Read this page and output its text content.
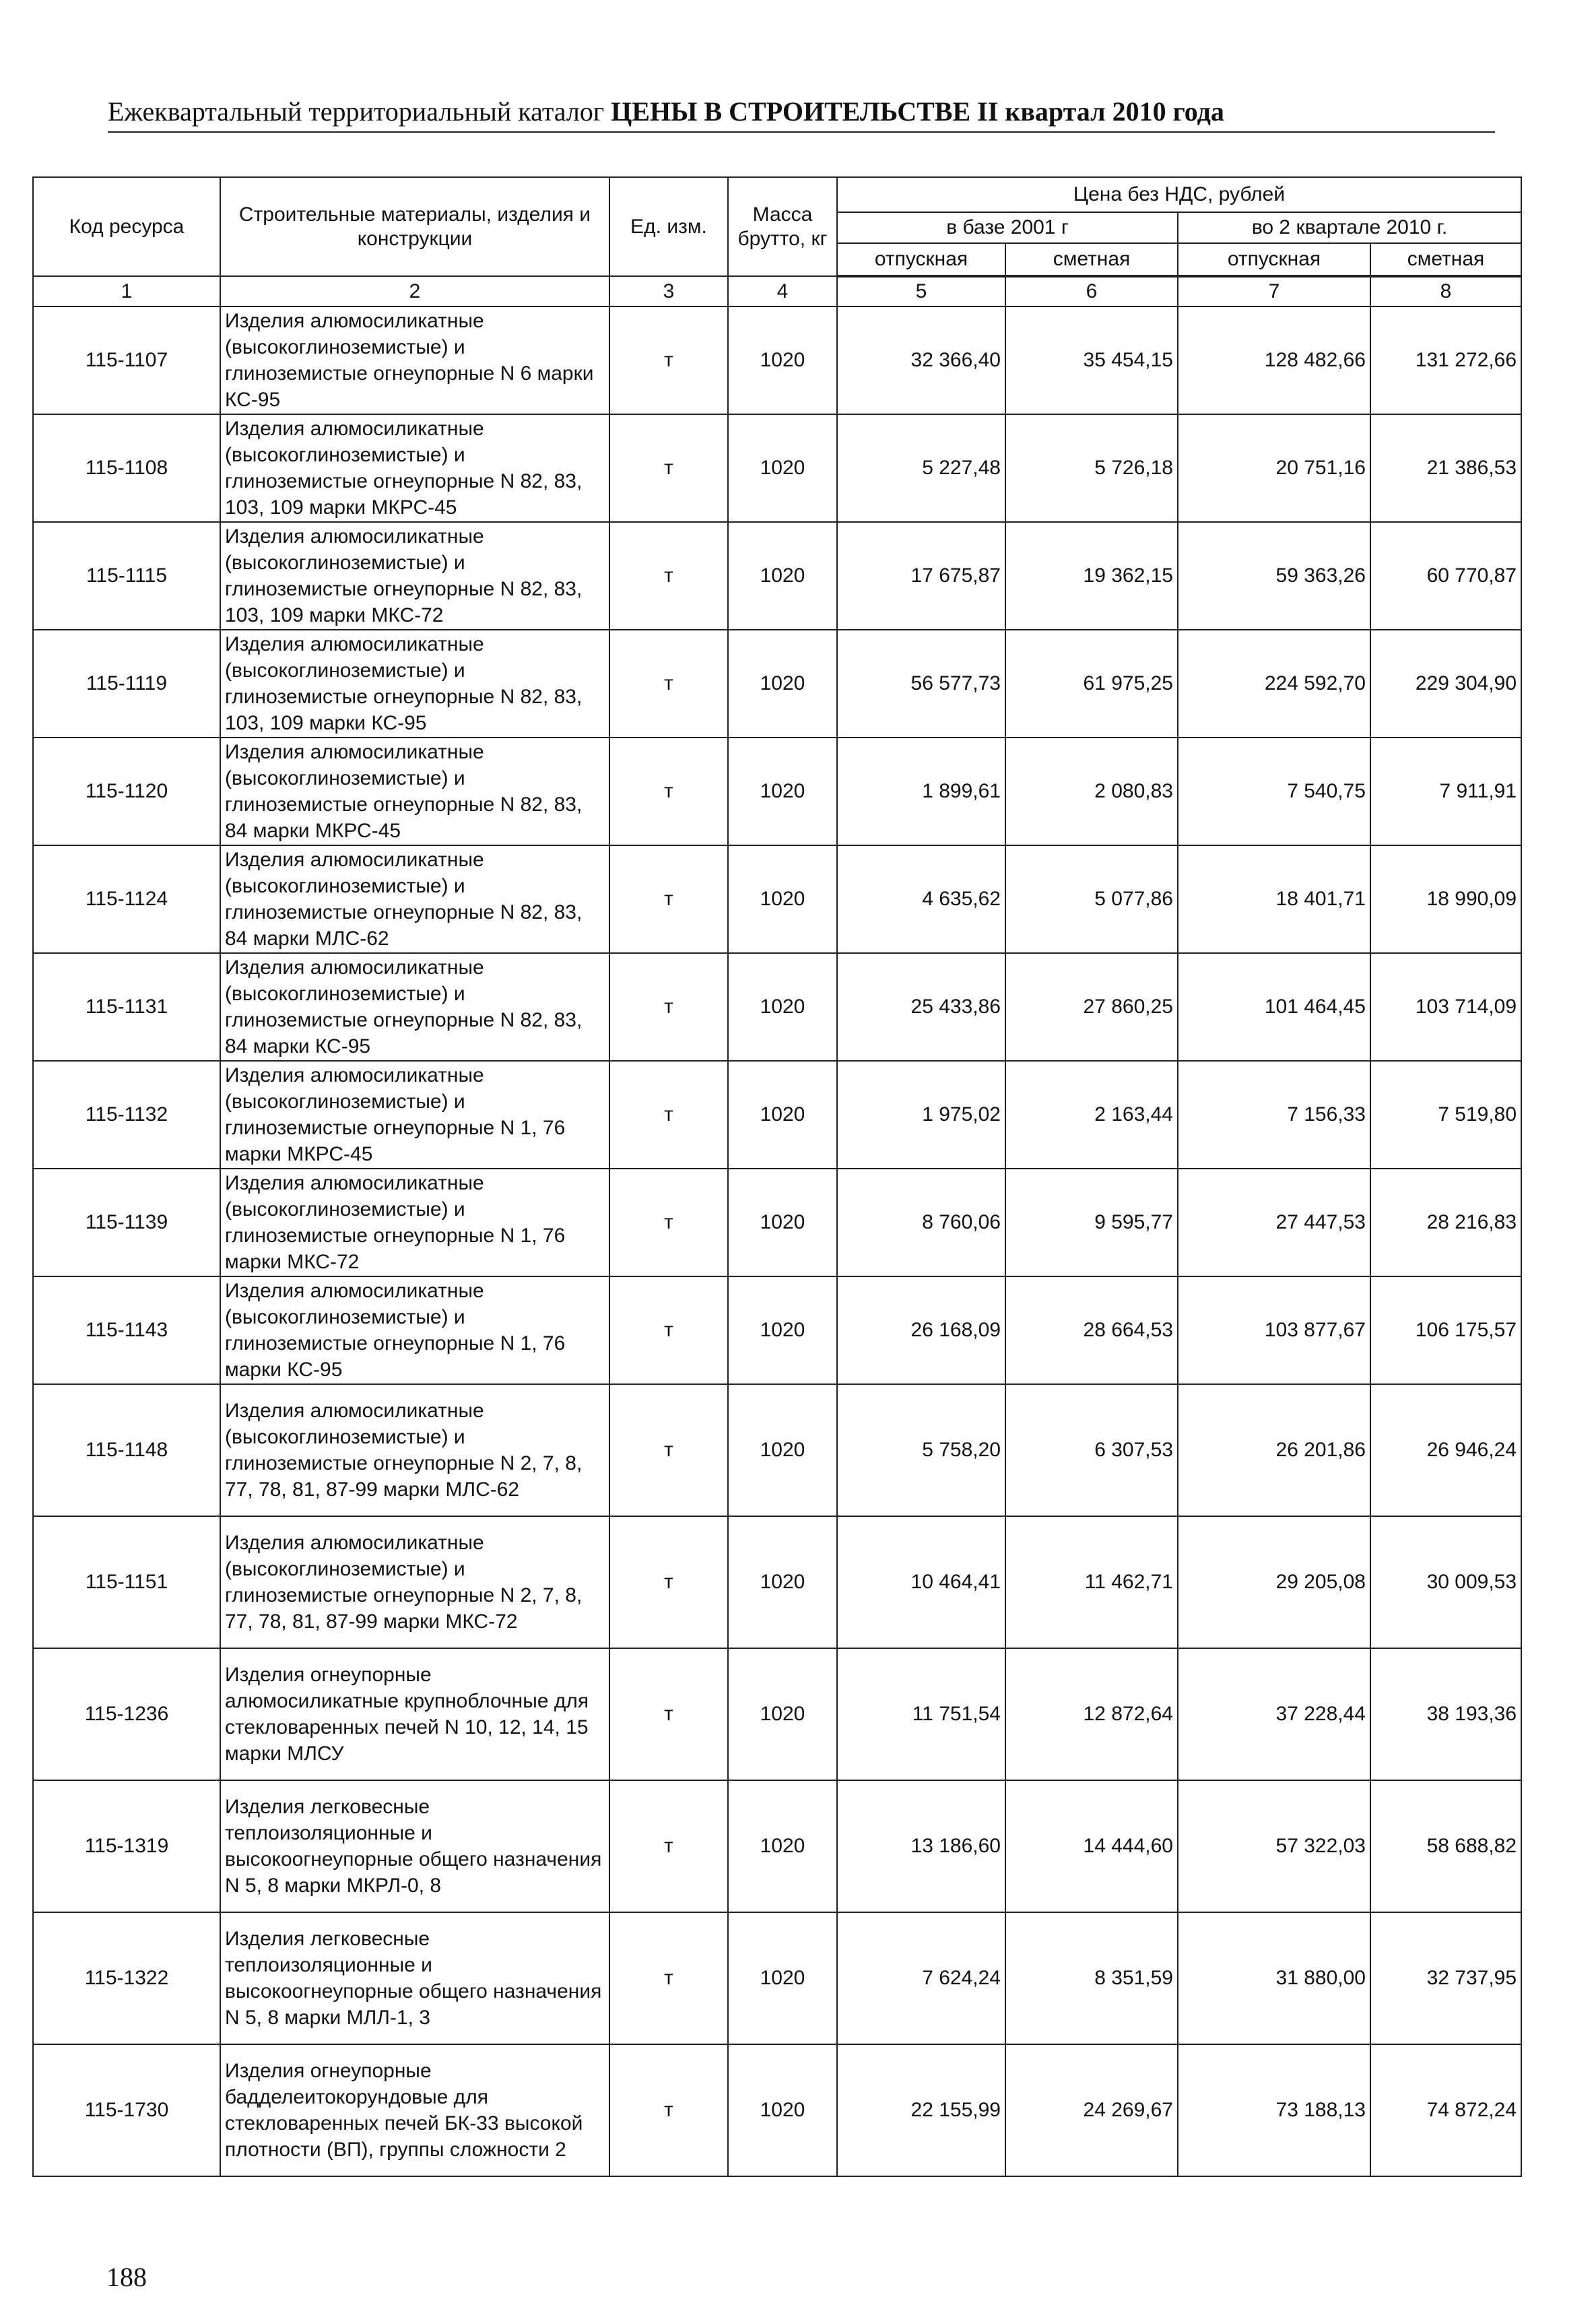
Ежеквартальный территориальный каталог ЦЕНЫ В СТРОИТЕЛЬСТВЕ II квартал 2010 года
Код ресурса	Строительные материалы, изделия и конструкции	Ед. изм.	Масса брутто, кг	Цена без НДС, рублей			
				в базе 2001 г		во 2 квартале 2010 г.	
				отпускная	сметная	отпускная	сметная
1	2	3	4	5	6	7	8
115-1107	Изделия алюмосиликатные (высокоглиноземистые) и глиноземистые огнеупорные N 6 марки КС-95	т	1020	32 366,40	35 454,15	128 482,66	131 272,66
115-1108	Изделия алюмосиликатные (высокоглиноземистые) и глиноземистые огнеупорные N 82, 83, 103, 109 марки МКРС-45	т	1020	5 227,48	5 726,18	20 751,16	21 386,53
115-1115	Изделия алюмосиликатные (высокоглиноземистые) и глиноземистые огнеупорные N 82, 83, 103, 109 марки МКС-72	т	1020	17 675,87	19 362,15	59 363,26	60 770,87
115-1119	Изделия алюмосиликатные (высокоглиноземистые) и глиноземистые огнеупорные N 82, 83, 103, 109 марки КС-95	т	1020	56 577,73	61 975,25	224 592,70	229 304,90
115-1120	Изделия алюмосиликатные (высокоглиноземистые) и глиноземистые огнеупорные N 82, 83, 84 марки МКРС-45	т	1020	1 899,61	2 080,83	7 540,75	7 911,91
115-1124	Изделия алюмосиликатные (высокоглиноземистые) и глиноземистые огнеупорные N 82, 83, 84 марки МЛС-62	т	1020	4 635,62	5 077,86	18 401,71	18 990,09
115-1131	Изделия алюмосиликатные (высокоглиноземистые) и глиноземистые огнеупорные N 82, 83, 84 марки КС-95	т	1020	25 433,86	27 860,25	101 464,45	103 714,09
115-1132	Изделия алюмосиликатные (высокоглиноземистые) и глиноземистые огнеупорные N 1, 76 марки МКРС-45	т	1020	1 975,02	2 163,44	7 156,33	7 519,80
115-1139	Изделия алюмосиликатные (высокоглиноземистые) и глиноземистые огнеупорные N 1, 76 марки МКС-72	т	1020	8 760,06	9 595,77	27 447,53	28 216,83
115-1143	Изделия алюмосиликатные (высокоглиноземистые) и глиноземистые огнеупорные N 1, 76 марки КС-95	т	1020	26 168,09	28 664,53	103 877,67	106 175,57
115-1148	Изделия алюмосиликатные (высокоглиноземистые) и глиноземистые огнеупорные N 2, 7, 8, 77, 78, 81, 87-99 марки МЛС-62	т	1020	5 758,20	6 307,53	26 201,86	26 946,24
115-1151	Изделия алюмосиликатные (высокоглиноземистые) и глиноземистые огнеупорные N 2, 7, 8, 77, 78, 81, 87-99 марки МКС-72	т	1020	10 464,41	11 462,71	29 205,08	30 009,53
115-1236	Изделия огнеупорные алюмосиликатные крупноблочные для стекловаренных печей N 10, 12, 14, 15 марки МЛСУ	т	1020	11 751,54	12 872,64	37 228,44	38 193,36
115-1319	Изделия легковесные теплоизоляционные и высокоогнеупорные общего назначения N 5, 8 марки МКРЛ-0, 8	т	1020	13 186,60	14 444,60	57 322,03	58 688,82
115-1322	Изделия легковесные теплоизоляционные и высокоогнеупорные общего назначения N 5, 8 марки МЛЛ-1, 3	т	1020	7 624,24	8 351,59	31 880,00	32 737,95
115-1730	Изделия огнеупорные бадделеитокорундовые для стекловаренных печей БК-33 высокой плотности (ВП), группы сложности 2	т	1020	22 155,99	24 269,67	73 188,13	74 872,24
188
